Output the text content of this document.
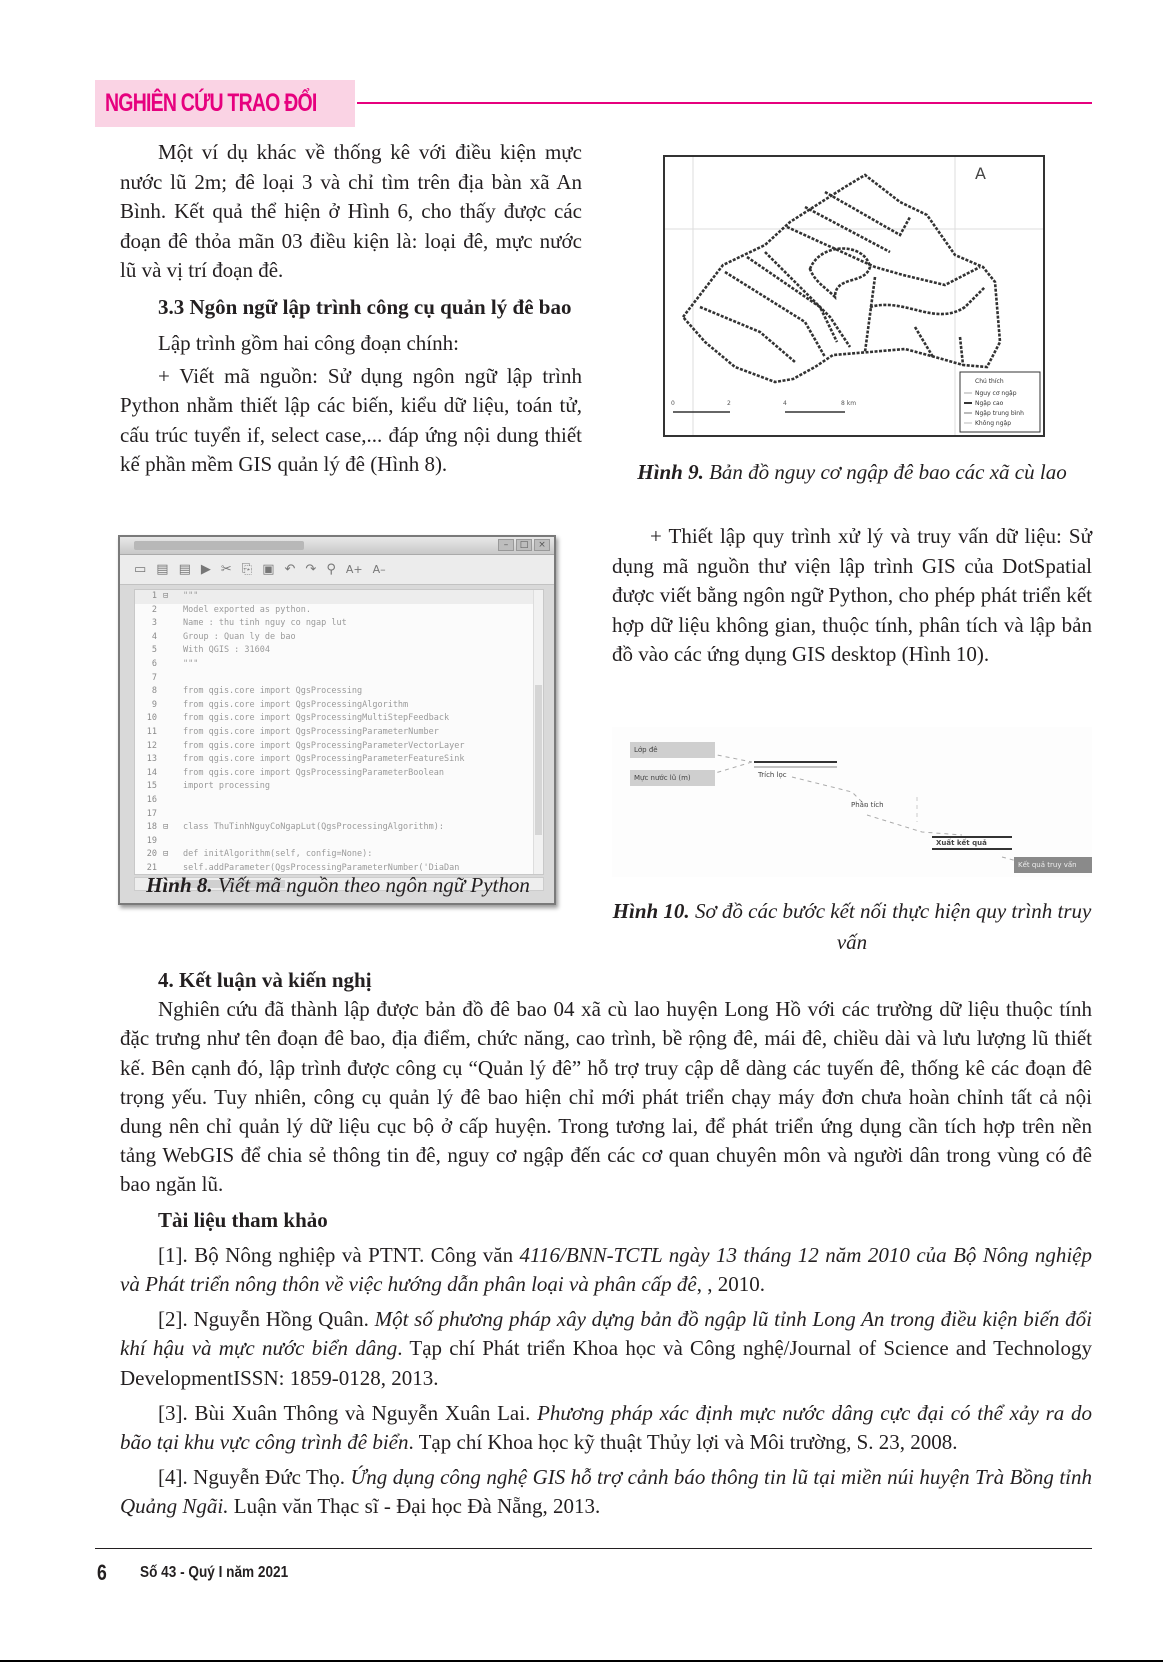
NGHIÊN CỨU TRAO ĐỔI

Một ví dụ khác về thống kê với điều kiện mực nước lũ 2m; đê loại 3 và chỉ tìm trên địa bàn xã An Bình. Kết quả thể hiện ở Hình 6, cho thấy được các đoạn đê thỏa mãn 03 điều kiện là: loại đê, mực nước lũ và vị trí đoạn đê.

3.3 Ngôn ngữ lập trình công cụ quản lý đê bao

Lập trình gồm hai công đoạn chính:

+ Viết mã nguồn: Sử dụng ngôn ngữ lập trình Python nhằm thiết lập các biến, kiểu dữ liệu, toán tử, cấu trúc tuyển if, select case,... đáp ứng nội dung thiết kế phần mềm GIS quản lý đê (Hình 8).

–	□	×
▭ ▤ ▤ ▶ ✂ ⎘ ▣ ↶ ↷ ⚲ A+ A–
1 ⊟	"""
2	Model exported as python.
3	Name : thu tinh nguy co ngap lut
4	Group : Quan ly de bao
5	With QGIS : 31604
6	"""
7
8	from qgis.core import QgsProcessing
9	from qgis.core import QgsProcessingAlgorithm
10	from qgis.core import QgsProcessingMultiStepFeedback
11	from qgis.core import QgsProcessingParameterNumber
12	from qgis.core import QgsProcessingParameterVectorLayer
13	from qgis.core import QgsProcessingParameterFeatureSink
14	from qgis.core import QgsProcessingParameterBoolean
15	import processing
16
17
18 ⊟	class ThuTinhNguyCoNgapLut(QgsProcessingAlgorithm):
19
20 ⊟	def initAlgorithm(self, config=None):
21	self.addParameter(QgsProcessingParameterNumber('DiaDan
Hình 8. Viết mã nguồn theo ngôn ngữ Python
A
0	2	4	8 km
Chú thích
Nguy cơ ngập
Ngập cao
Ngập trung bình
Không ngập
Hình 9. Bản đồ nguy cơ ngập đê bao các xã cù lao

+ Thiết lập quy trình xử lý và truy vấn dữ liệu: Sử dụng mã nguồn thư viện lập trình GIS của DotSpatial được viết bằng ngôn ngữ Python, cho phép phát triển kết hợp dữ liệu không gian, thuộc tính, phân tích và lập bản đồ vào các ứng dụng GIS desktop (Hình 10).

Lớp đê
Mực nước lũ (m)	Trích lọc
Phân tích
Xuất kết quả
Kết quả truy vấn
Hình 10. Sơ đồ các bước kết nối thực hiện quy trình truy vấn

4. Kết luận và kiến nghị

Nghiên cứu đã thành lập được bản đồ đê bao 04 xã cù lao huyện Long Hồ với các trường dữ liệu thuộc tính đặc trưng như tên đoạn đê bao, địa điểm, chức năng, cao trình, bề rộng đê, mái đê, chiều dài và lưu lượng lũ thiết kế. Bên cạnh đó, lập trình được công cụ “Quản lý đê” hỗ trợ truy cập dễ dàng các tuyến đê, thống kê các đoạn đê trọng yếu. Tuy nhiên, công cụ quản lý đê bao hiện chỉ mới phát triển chạy máy đơn chưa hoàn chỉnh tất cả nội dung nên chỉ quản lý dữ liệu cục bộ ở cấp huyện. Trong tương lai, để phát triển ứng dụng cần tích hợp trên nền tảng WebGIS để chia sẻ thông tin đê, nguy cơ ngập đến các cơ quan chuyên môn và người dân trong vùng có đê bao ngăn lũ.

Tài liệu tham khảo

[1]. Bộ Nông nghiệp và PTNT. Công văn 4116/BNN-TCTL ngày 13 tháng 12 năm 2010 của Bộ Nông nghiệp và Phát triển nông thôn về việc hướng dẫn phân loại và phân cấp đê, , 2010.

[2]. Nguyễn Hồng Quân. Một số phương pháp xây dựng bản đồ ngập lũ tỉnh Long An trong điều kiện biến đổi khí hậu và mực nước biển dâng. Tạp chí Phát triển Khoa học và Công nghệ/Journal of Science and Technology DevelopmentISSN: 1859-0128, 2013.

[3]. Bùi Xuân Thông và Nguyễn Xuân Lai. Phương pháp xác định mực nước dâng cực đại có thể xảy ra do bão tại khu vực công trình đê biển. Tạp chí Khoa học kỹ thuật Thủy lợi và Môi trường, S. 23, 2008.

[4]. Nguyễn Đức Thọ. Ứng dụng công nghệ GIS hỗ trợ cảnh báo thông tin lũ tại miền núi huyện Trà Bồng tỉnh Quảng Ngãi. Luận văn Thạc sĩ - Đại học Đà Nẵng, 2013.

6 Số 43 - Quý I năm 2021
